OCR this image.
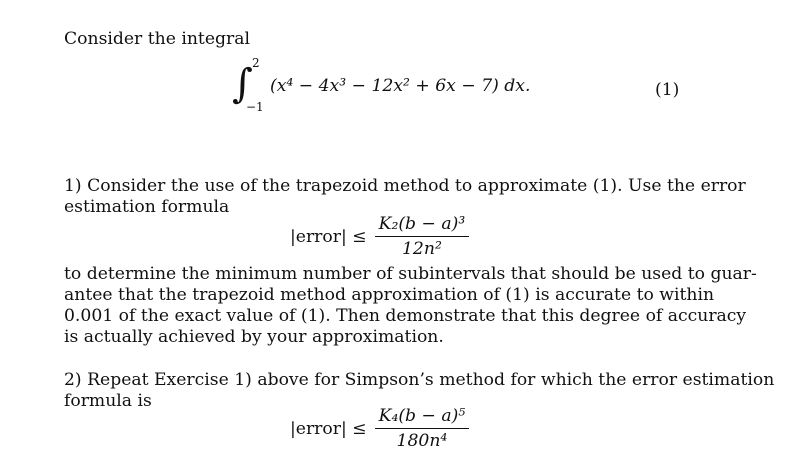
Consider the integral
∫ 2
−1
(x⁴ − 4x³ − 12x² + 6x − 7) dx.	(1)
1) Consider the use of the trapezoid method to approximate (1). Use the error
estimation formula
|error| ≤ $\frac{\text{K₂(b − a)³}}{\text{12n²}}$
to determine the minimum number of subintervals that should be used to guar-
antee that the trapezoid method approximation of (1) is accurate to within
0.001 of the exact value of (1). Then demonstrate that this degree of accuracy
is actually achieved by your approximation.
2) Repeat Exercise 1) above for Simpson’s method for which the error estimation
formula is
|error| ≤ $\frac{\text{K₄(b − a)⁵}}{\text{180n⁴}}$
